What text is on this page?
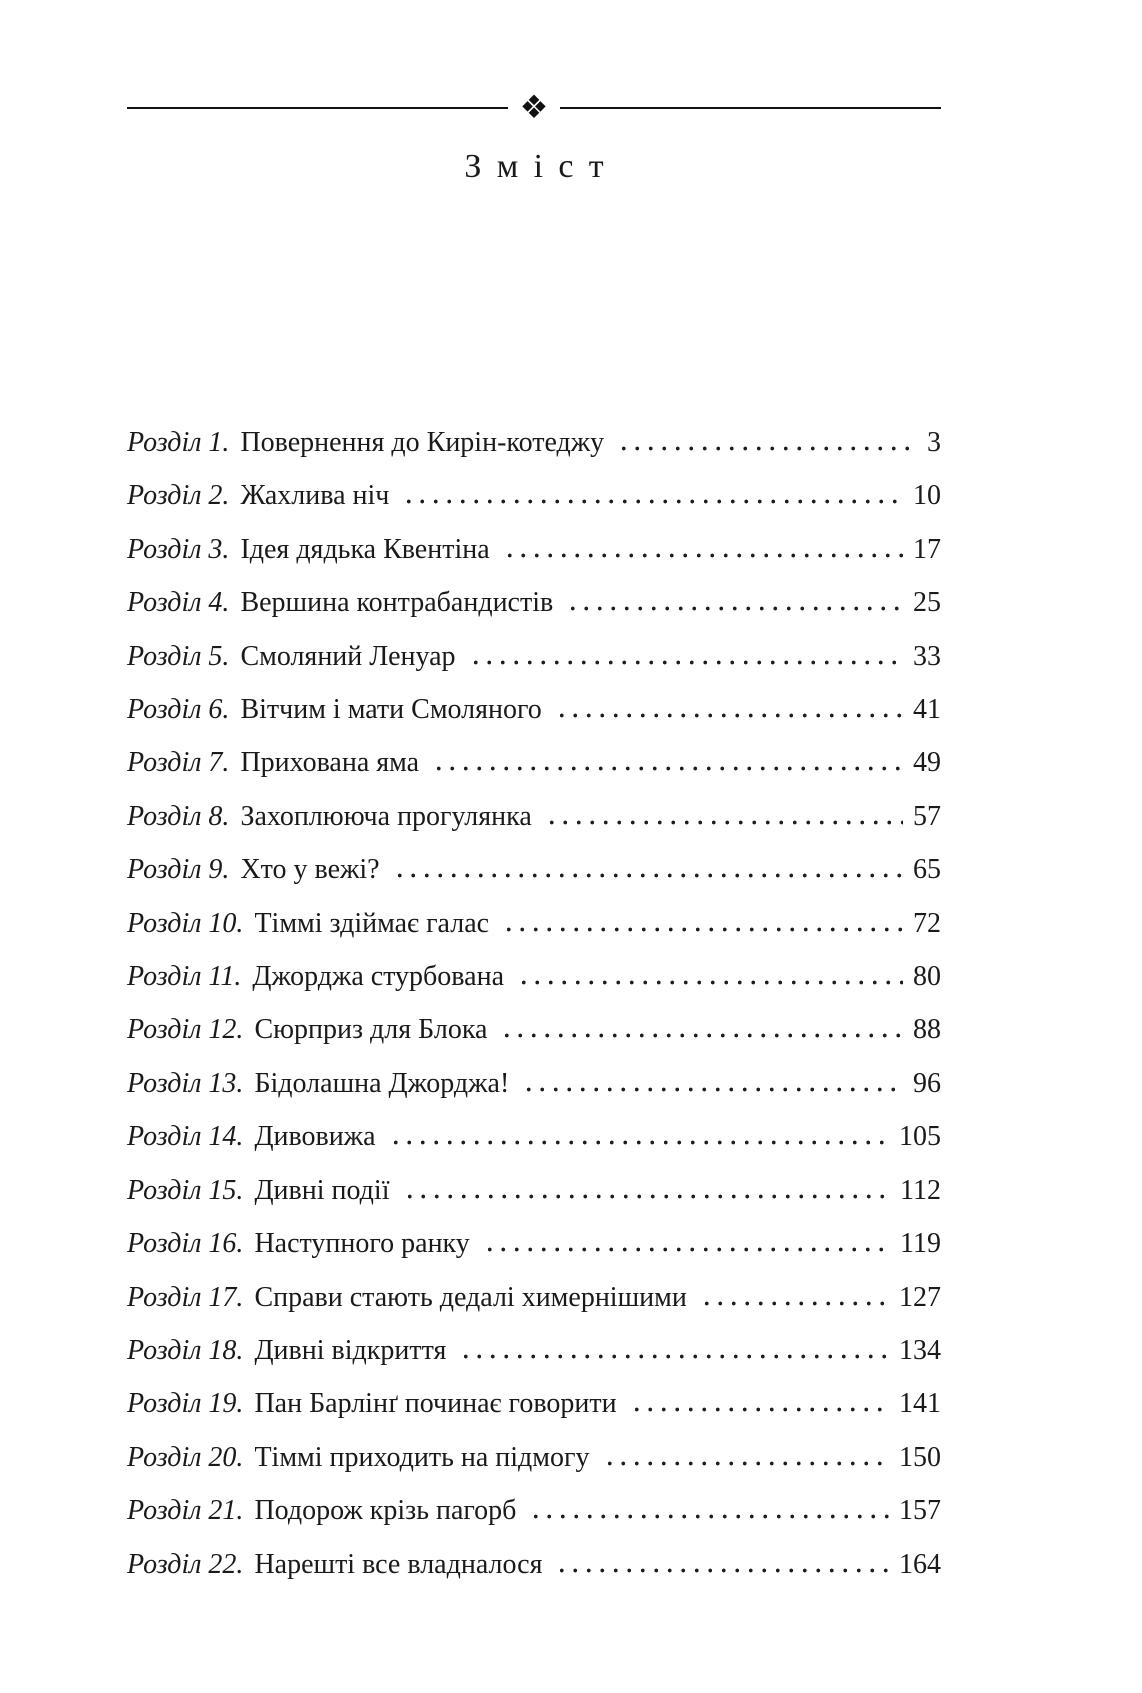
❖
Зміст
Розділ 1. Повернення до Кирін-котеджу	3
Розділ 2. Жахлива ніч	10
Розділ 3. Ідея дядька Квентіна	17
Розділ 4. Вершина контрабандистів	25
Розділ 5. Смоляний Ленуар	33
Розділ 6. Вітчим і мати Смоляного	41
Розділ 7. Прихована яма	49
Розділ 8. Захоплююча прогулянка	57
Розділ 9. Хто у вежі?	65
Розділ 10. Тіммі здіймає галас	72
Розділ 11. Джорджа стурбована	80
Розділ 12. Сюрприз для Блока	88
Розділ 13. Бідолашна Джорджа!	96
Розділ 14. Дивовижа	105
Розділ 15. Дивні події	112
Розділ 16. Наступного ранку	119
Розділ 17. Справи стають дедалі химернішими	127
Розділ 18. Дивні відкриття	134
Розділ 19. Пан Барлінґ починає говорити	141
Розділ 20. Тіммі приходить на підмогу	150
Розділ 21. Подорож крізь пагорб	157
Розділ 22. Нарешті все владналося	164
